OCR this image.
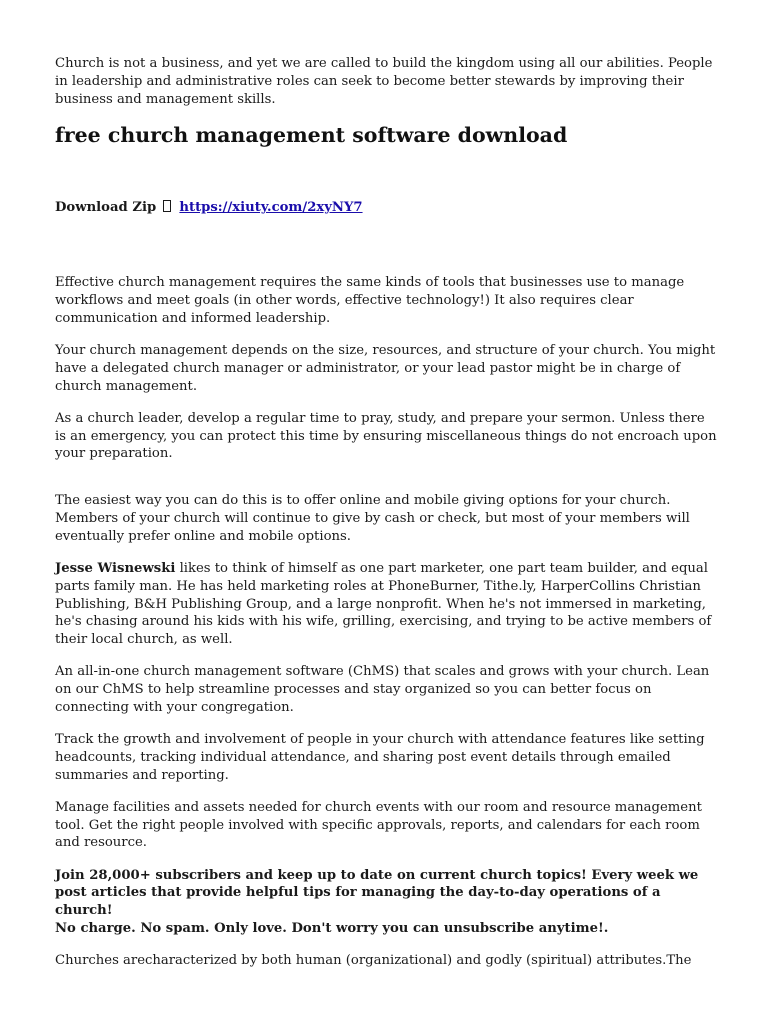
Church is not a business, and yet we are called to build the kingdom using all our abilities. People in leadership and administrative roles can seek to become better stewards by improving their business and management skills.

free church management software download
Download Zip https://xiuty.com/2xyNY7

Effective church management requires the same kinds of tools that businesses use to manage workflows and meet goals (in other words, effective technology!) It also requires clear communication and informed leadership.

Your church management depends on the size, resources, and structure of your church. You might have a delegated church manager or administrator, or your lead pastor might be in charge of church management.

As a church leader, develop a regular time to pray, study, and prepare your sermon. Unless there is an emergency, you can protect this time by ensuring miscellaneous things do not encroach upon your preparation.

The easiest way you can do this is to offer online and mobile giving options for your church. Members of your church will continue to give by cash or check, but most of your members will eventually prefer online and mobile options.

Jesse Wisnewski likes to think of himself as one part marketer, one part team builder, and equal parts family man. He has held marketing roles at PhoneBurner, Tithe.ly, HarperCollins Christian Publishing, B&H Publishing Group, and a large nonprofit. When he's not immersed in marketing, he's chasing around his kids with his wife, grilling, exercising, and trying to be active members of their local church, as well.

An all-in-one church management software (ChMS) that scales and grows with your church. Lean on our ChMS to help streamline processes and stay organized so you can better focus on connecting with your congregation.

Track the growth and involvement of people in your church with attendance features like setting headcounts, tracking individual attendance, and sharing post event details through emailed summaries and reporting.

Manage facilities and assets needed for church events with our room and resource management tool. Get the right people involved with specific approvals, reports, and calendars for each room and resource.

Join 28,000+ subscribers and keep up to date on current church topics! Every week we post articles that provide helpful tips for managing the day-to-day operations of a church!
No charge. No spam. Only love. Don't worry you can unsubscribe anytime!.

Churches arecharacterized by both human (organizational) and godly (spiritual) attributes.The
